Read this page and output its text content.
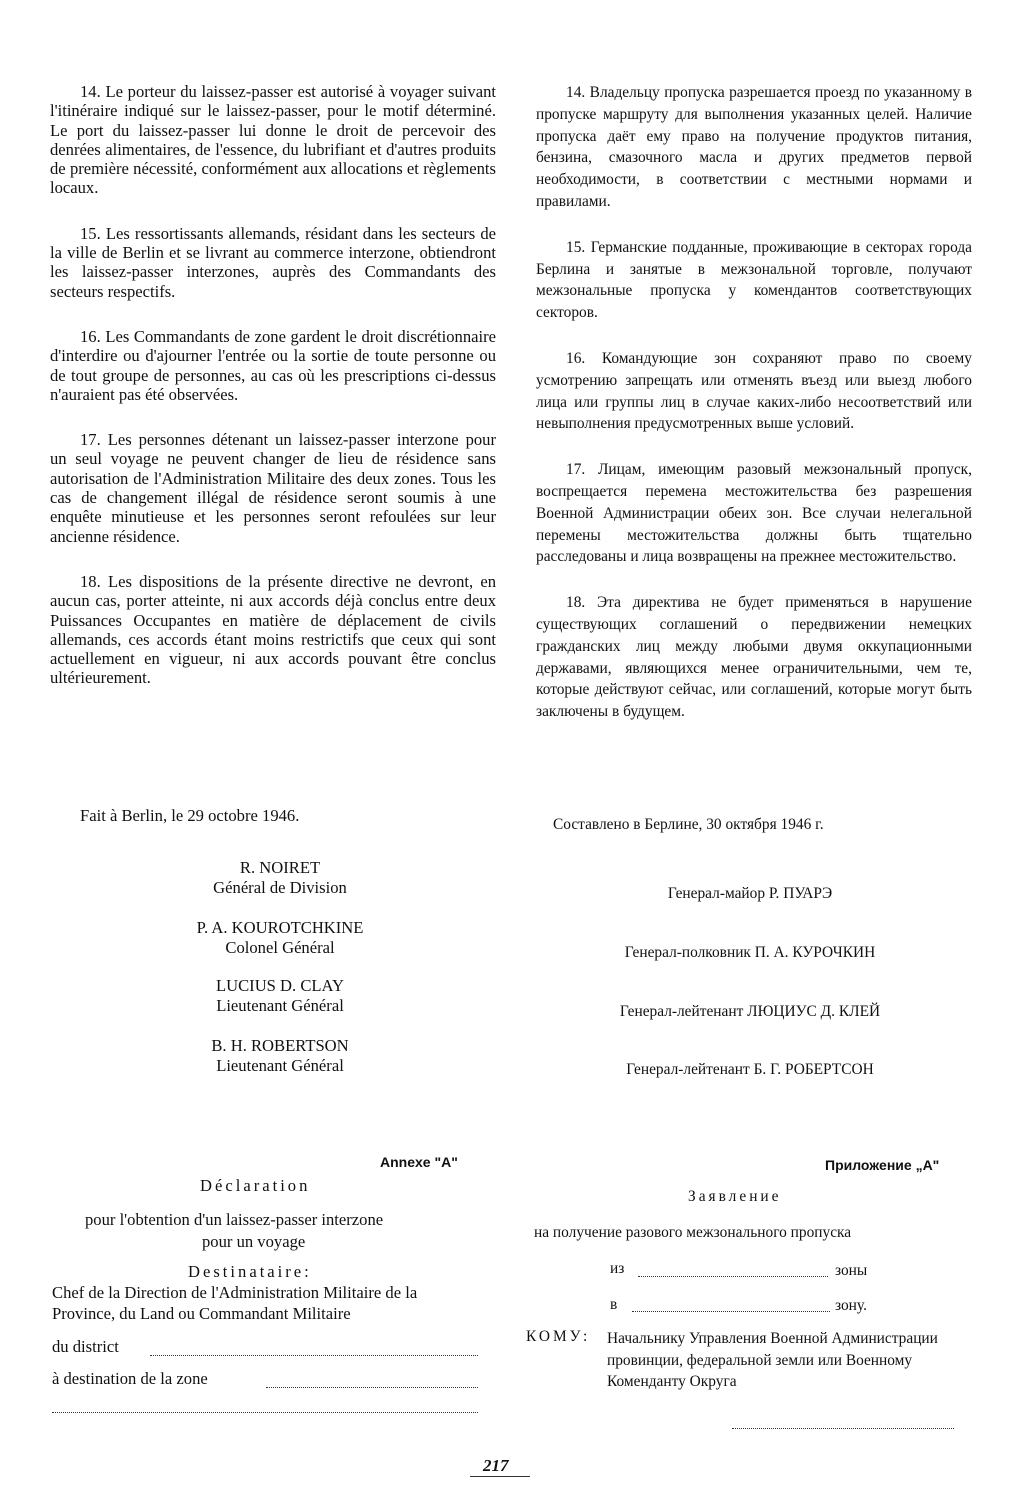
14. Le porteur du laissez-passer est autorisé à voyager suivant l'itinéraire indiqué sur le laissez-passer, pour le motif déterminé. Le port du laissez-passer lui donne le droit de percevoir des denrées alimentaires, de l'essence, du lubrifiant et d'autres produits de première nécessité, conformément aux allocations et règlements locaux.

15. Les ressortissants allemands, résidant dans les secteurs de la ville de Berlin et se livrant au commerce interzone, obtiendront les laissez-passer interzones, auprès des Commandants des secteurs respectifs.

16. Les Commandants de zone gardent le droit discrétionnaire d'interdire ou d'ajourner l'entrée ou la sortie de toute personne ou de tout groupe de personnes, au cas où les prescriptions ci-dessus n'auraient pas été observées.

17. Les personnes détenant un laissez-passer interzone pour un seul voyage ne peuvent changer de lieu de résidence sans autorisation de l'Administration Militaire des deux zones. Tous les cas de changement illégal de résidence seront soumis à une enquête minutieuse et les personnes seront refoulées sur leur ancienne résidence.

18. Les dispositions de la présente directive ne devront, en aucun cas, porter atteinte, ni aux accords déjà conclus entre deux Puissances Occupantes en matière de déplacement de civils allemands, ces accords étant moins restrictifs que ceux qui sont actuellement en vigueur, ni aux accords pouvant être conclus ultérieurement.

14. Владельцу пропуска разрешается проезд по указанному в пропуске маршруту для выполнения указанных целей. Наличие пропуска даёт ему право на получение продуктов питания, бензина, смазочного масла и других предметов первой необходимости, в соответствии с местными нормами и правилами.

15. Германские подданные, проживающие в секторах города Берлина и занятые в межзональной торговле, получают межзональные пропуска у комендантов соответствующих секторов.

16. Командующие зон сохраняют право по своему усмотрению запрещать или отменять въезд или выезд любого лица или группы лиц в случае каких-либо несоответствий или невыполнения предусмотренных выше условий.

17. Лицам, имеющим разовый межзональный пропуск, воспрещается перемена местожительства без разрешения Военной Администрации обеих зон. Все случаи нелегальной перемены местожительства должны быть тщательно расследованы и лица возвращены на прежнее местожительство.

18. Эта директива не будет применяться в нарушение существующих соглашений о передвижении немецких гражданских лиц между любыми двумя оккупационными державами, являющихся менее ограничительными, чем те, которые действуют сейчас, или соглашений, которые могут быть заключены в будущем.

Fait à Berlin, le 29 octobre 1946.	Составлено в Берлине, 30 октября 1946 г.
R. NOIRET
Général de Division
P. A. KOUROTCHKINE
Colonel Général
LUCIUS D. CLAY
Lieutenant Général
B. H. ROBERTSON
Lieutenant Général
Генерал-майор Р. ПУАРЭ
Генерал-полковник П. А. КУРОЧКИН
Генерал-лейтенант ЛЮЦИУС Д. КЛЕЙ
Генерал-лейтенант Б. Г. РОБЕРТСОН
Annexe "A"
Déclaration
pour l'obtention d'un laissez-passer interzone
pour un voyage
Destinataire:
Chef de la Direction de l'Administration Militaire de la Province, du Land ou Commandant Militaire
du district
à destination de la zone
Приложение „А"
Заявление
на получение разового межзонального пропуска
из	зоны
в	зону.
КОМУ: Начальнику Управления Военной Администрации провинции, федеральной земли или Военному Коменданту Округа
217
